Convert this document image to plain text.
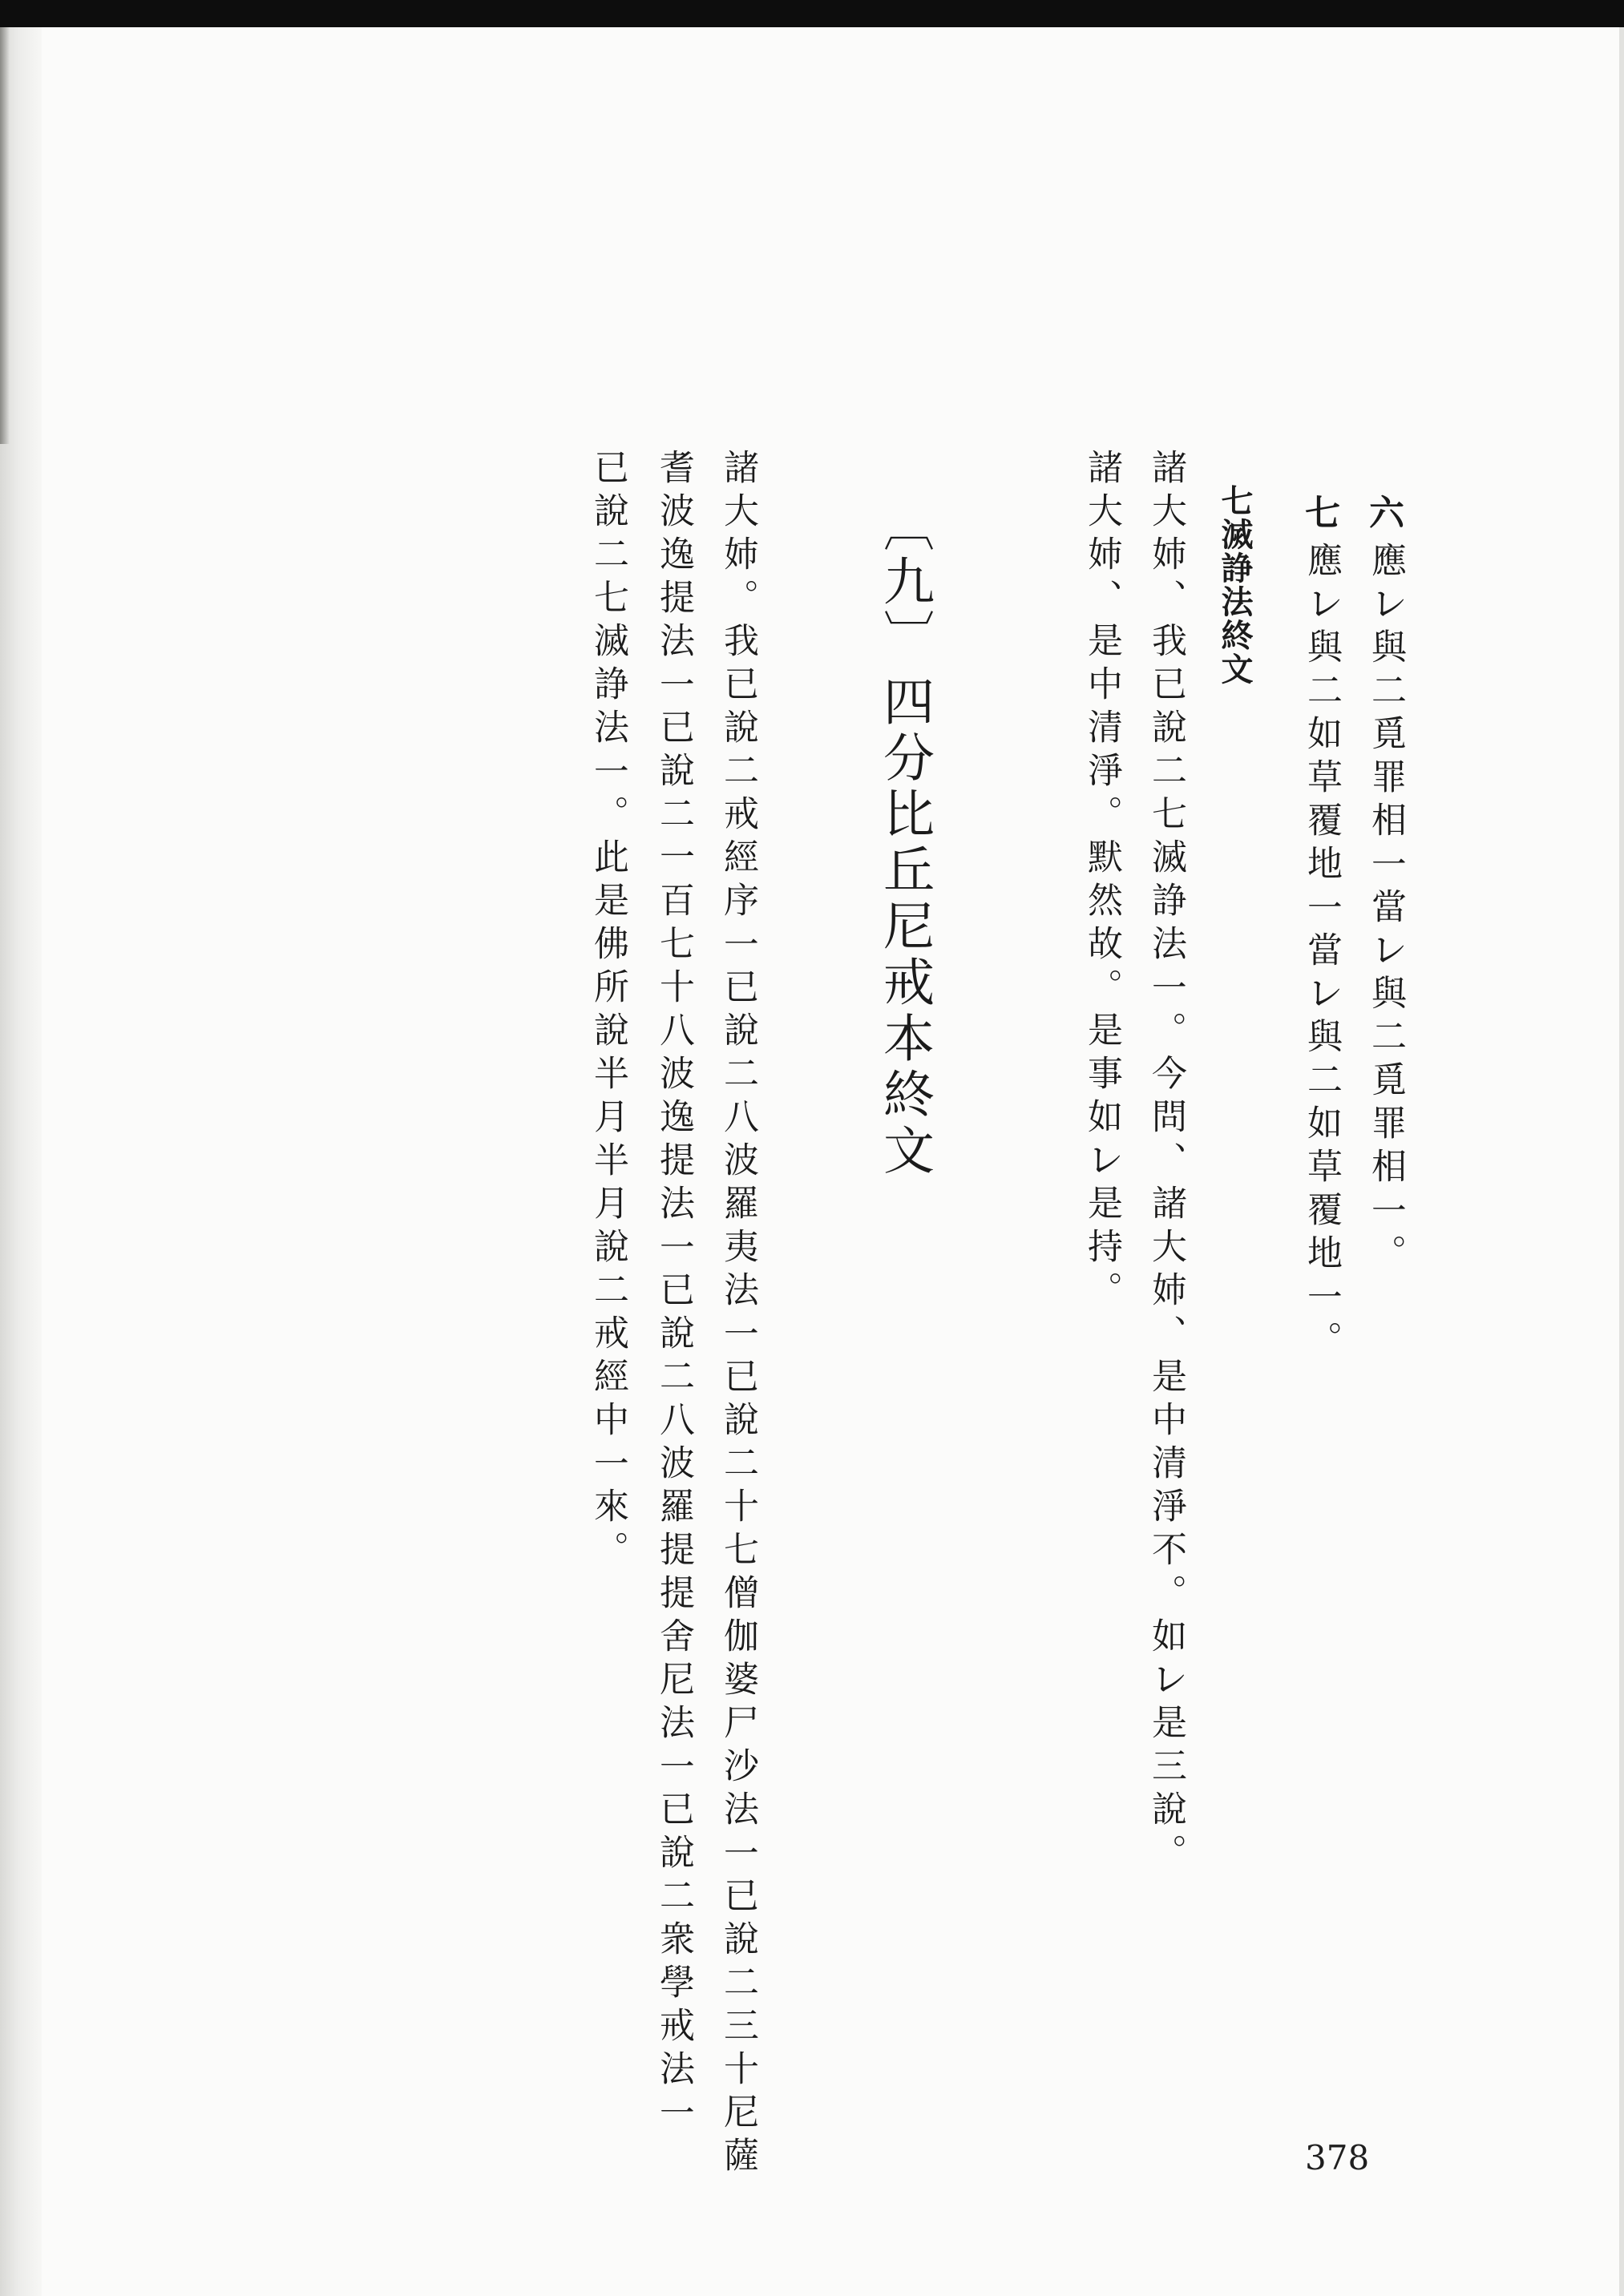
六

應㆑與㆓覓罪相㆒當㆑與㆓覓罪相㆒。

七

應㆑與㆓如草覆地㆒當㆑與㆓如草覆地㆒。

七滅諍法終文

諸大姉、我已說㆓七滅諍法㆒。今問、諸大姉、是中清淨不。如㆑是三說。

諸大姉、是中清淨。默然故。是事如㆑是持。

〔九〕

四分比丘尼戒本終文

諸大姉。我已說㆓戒經序㆒已說㆓八波羅夷法㆒已說㆓十七僧伽婆尸沙法㆒已說㆓三十尼薩

耆波逸提法㆒已說㆓一百七十八波逸提法㆒已說㆓八波羅提提舍尼法㆒已說㆓衆學戒法㆒

已說㆓七滅諍法㆒。此是佛所說半月半月說㆓戒經中㆒來。

378
